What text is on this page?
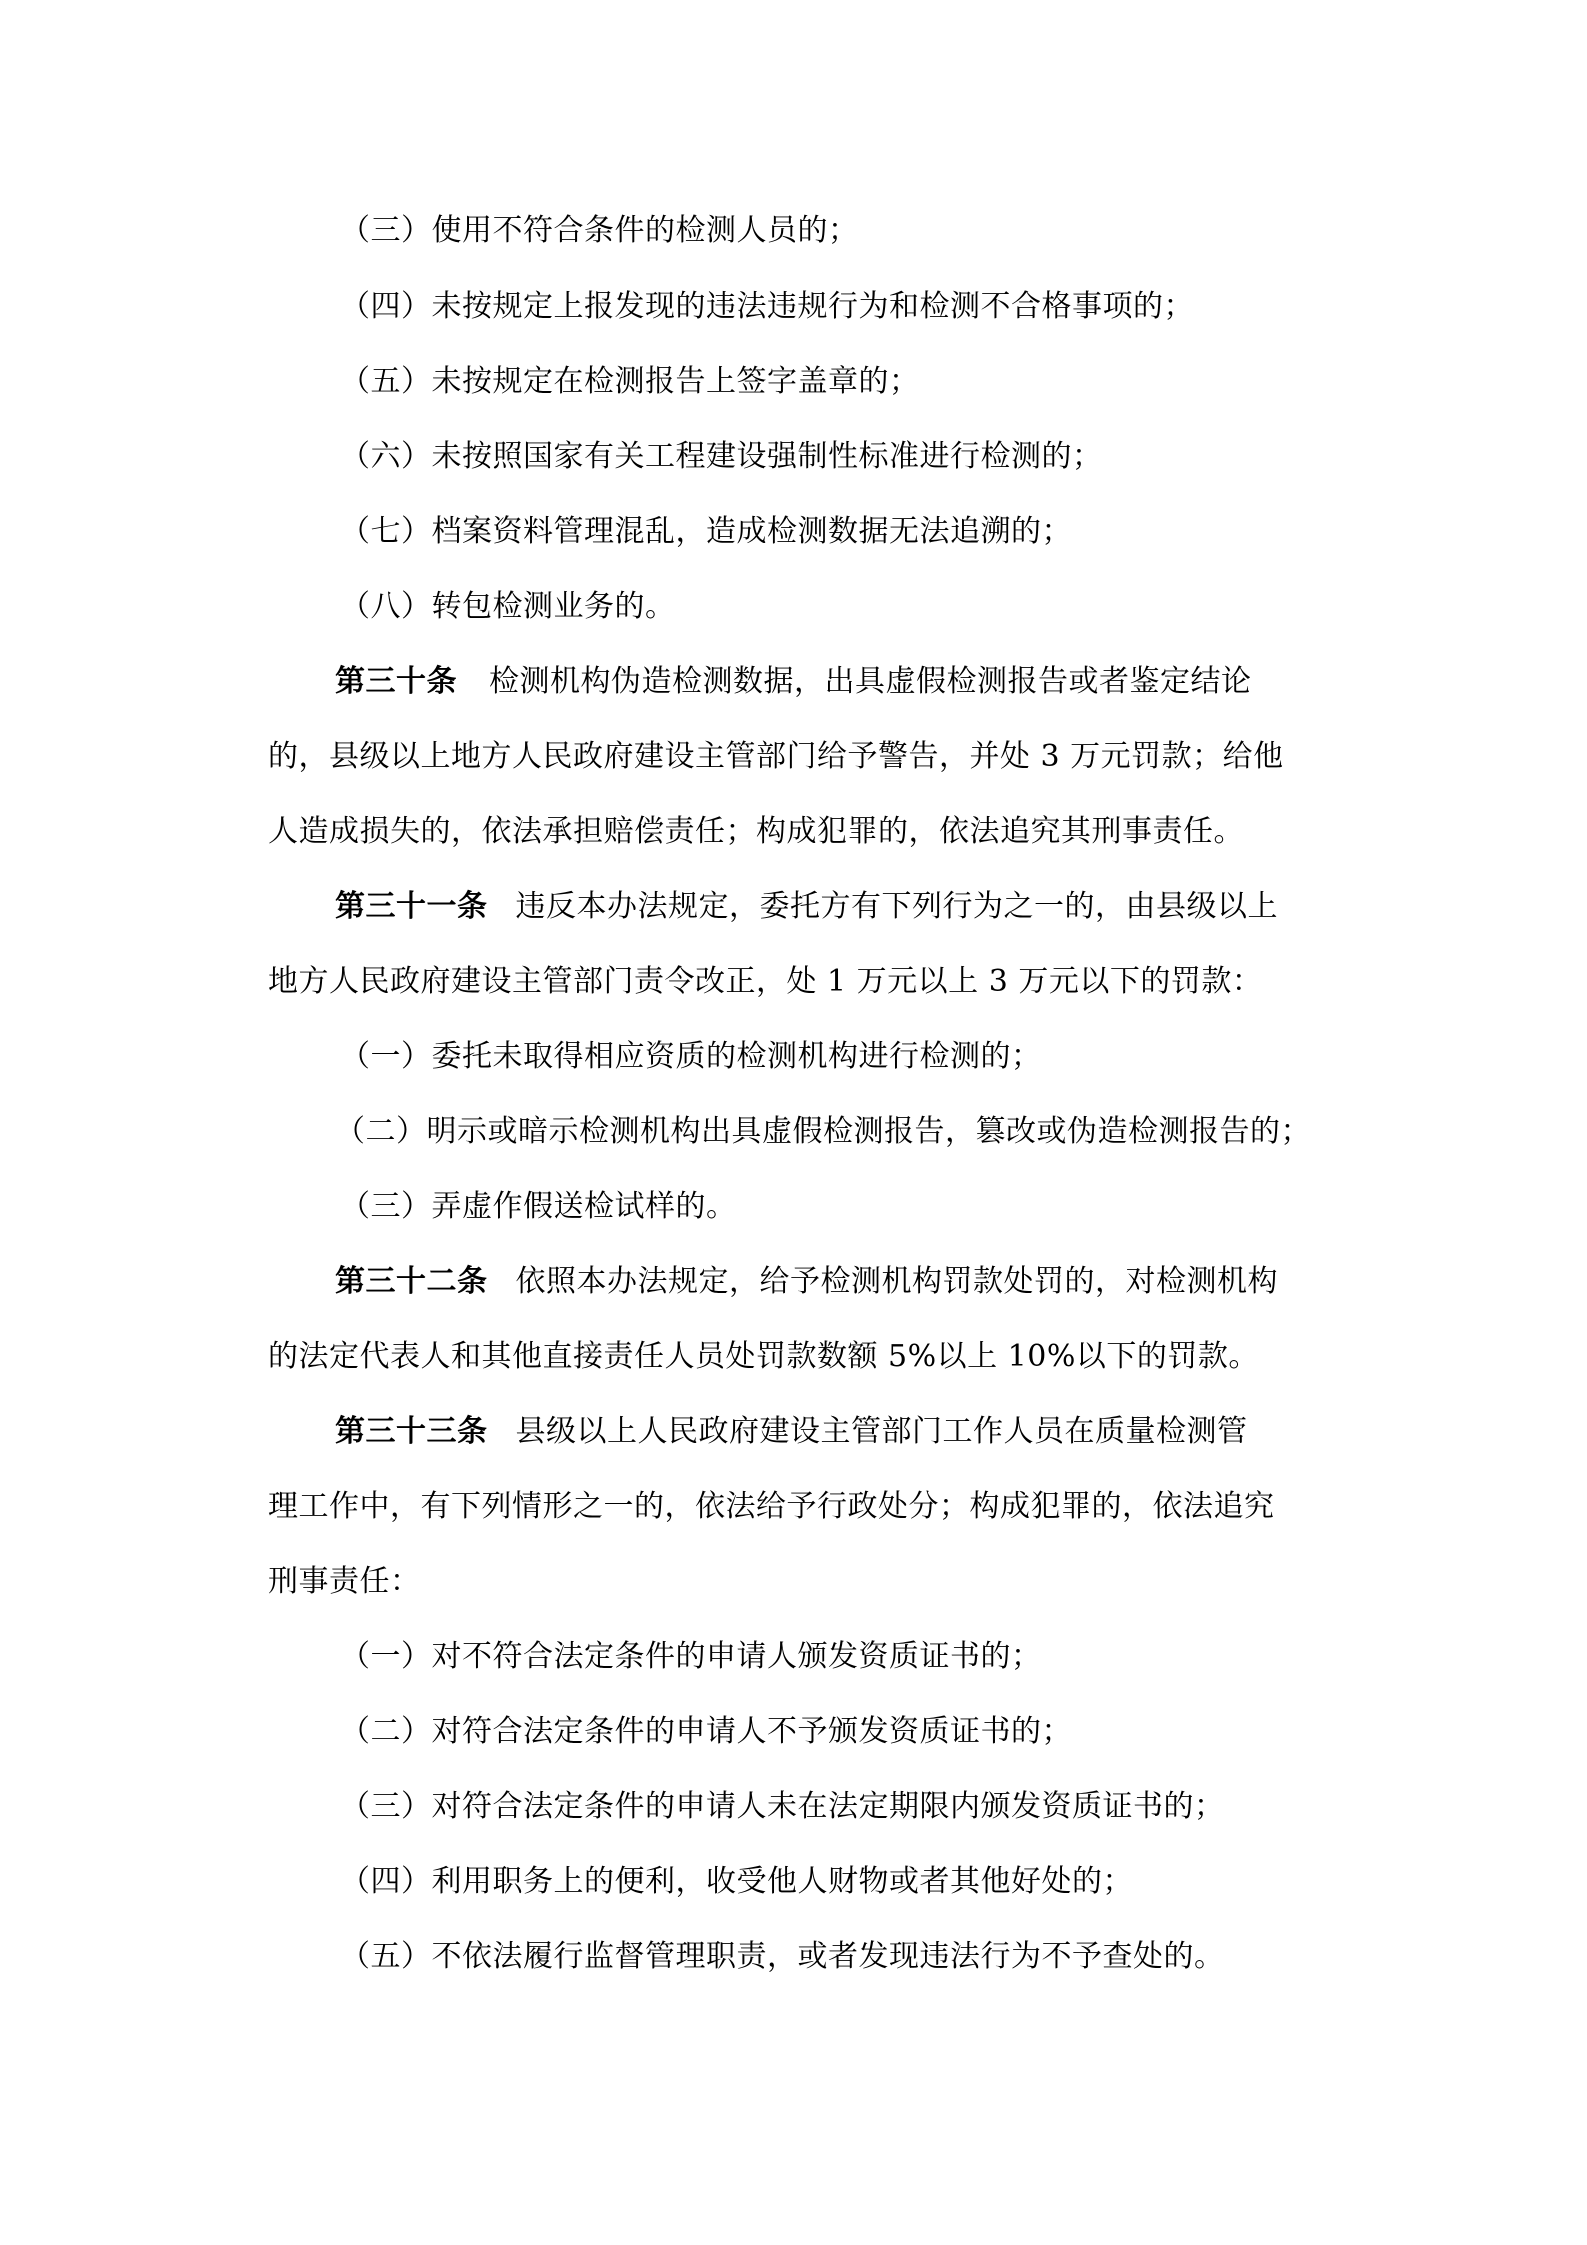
（三）使用不符合条件的检测人员的；
（四）未按规定上报发现的违法违规行为和检测不合格事项的；
（五）未按规定在检测报告上签字盖章的；
（六）未按照国家有关工程建设强制性标准进行检测的；
（七）档案资料管理混乱，造成检测数据无法追溯的；
（八）转包检测业务的。
第三十条 检测机构伪造检测数据，出具虚假检测报告或者鉴定结论
的，县级以上地方人民政府建设主管部门给予警告，并处 3 万元罚款；给他
人造成损失的，依法承担赔偿责任；构成犯罪的，依法追究其刑事责任。
第三十一条 违反本办法规定，委托方有下列行为之一的，由县级以上
地方人民政府建设主管部门责令改正，处 1 万元以上 3 万元以下的罚款：
（一）委托未取得相应资质的检测机构进行检测的；
（二）明示或暗示检测机构出具虚假检测报告，篡改或伪造检测报告的；
（三）弄虚作假送检试样的。
第三十二条 依照本办法规定，给予检测机构罚款处罚的，对检测机构
的法定代表人和其他直接责任人员处罚款数额 5%以上 10%以下的罚款。
第三十三条 县级以上人民政府建设主管部门工作人员在质量检测管
理工作中，有下列情形之一的，依法给予行政处分；构成犯罪的，依法追究
刑事责任：
（一）对不符合法定条件的申请人颁发资质证书的；
（二）对符合法定条件的申请人不予颁发资质证书的；
（三）对符合法定条件的申请人未在法定期限内颁发资质证书的；
（四）利用职务上的便利，收受他人财物或者其他好处的；
（五）不依法履行监督管理职责，或者发现违法行为不予查处的。
